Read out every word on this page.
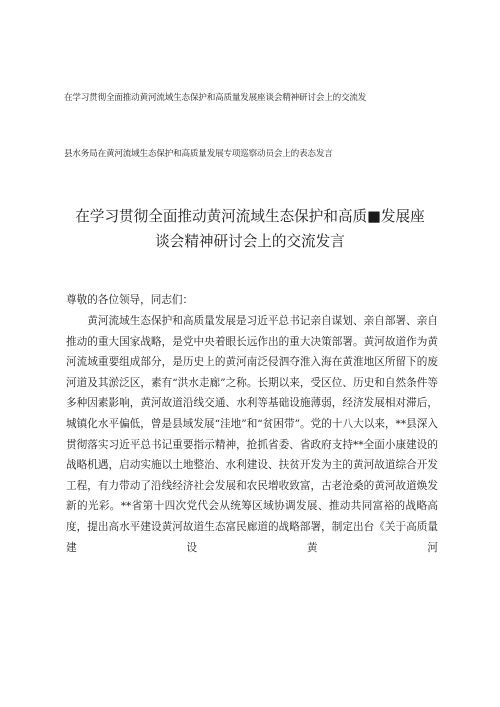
在学习贯彻全面推动黄河流域生态保护和高质量发展座谈会精神研讨会上的交流发
县水务局在黄河流域生态保护和高质量发展专项巡察动员会上的表态发言
在学习贯彻全面推动黄河流域生态保护和高质■发展座
谈会精神研讨会上的交流发言
尊敬的各位领导，同志们：
黄河流域生态保护和高质量发展是习近平总书记亲自谋划、亲自部署、亲自推动的重大国家战略，是党中央着眼长远作出的重大决策部署。黄河故道作为黄河流域重要组成部分，是历史上的黄河南泛侵泗夺淮入海在黄淮地区所留下的废河道及其淤泛区，素有“洪水走廊”之称。长期以来，受区位、历史和自然条件等多种因素影响，黄河故道沿线交通、水利等基础设施薄弱，经济发展相对滞后，城镇化水平偏低，曾是县域发展“洼地”和“贫困带”。党的十八大以来，**县深入贯彻落实习近平总书记重要指示精神，抢抓省委、省政府支持**全面小康建设的战略机遇，启动实施以土地整治、水利建设、扶贫开发为主的黄河故道综合开发工程，有力带动了沿线经济社会发展和农民增收致富，古老沧桑的黄河故道焕发新的光彩。**省第十四次党代会从统筹区域协调发展、推动共同富裕的战略高度，提出高水平建设黄河故道生态富民廊道的战略部署，制定出台《关于高质量建设黄河
